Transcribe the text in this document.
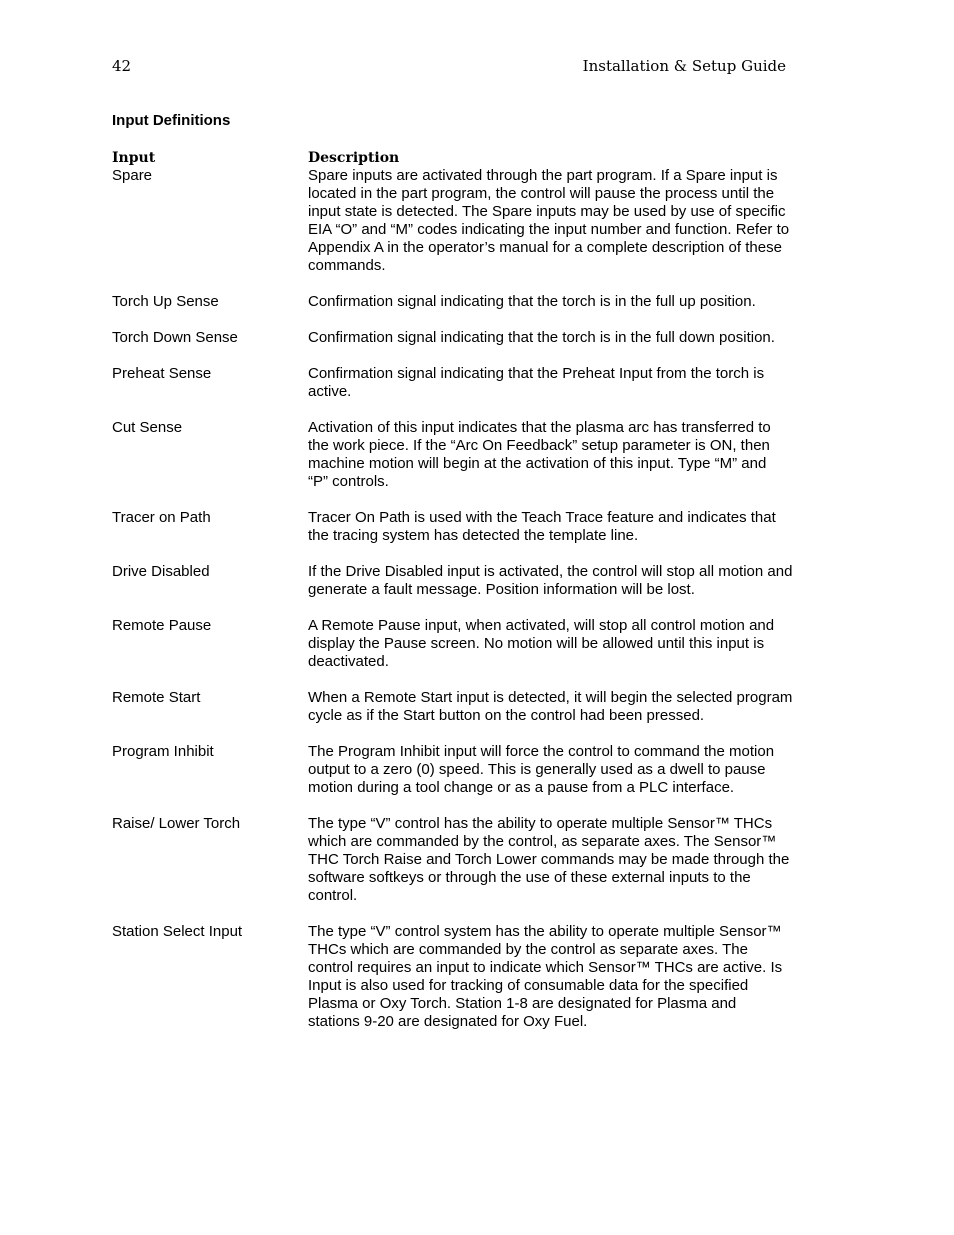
42	Installation & Setup Guide
Input Definitions
Input	Description
Spare	Spare inputs are activated through the part program. If a Spare input is
located in the part program, the control will pause the process until the
input state is detected. The Spare inputs may be used by use of specific
EIA “O” and “M” codes indicating the input number and function. Refer to
Appendix A in the operator’s manual for a complete description of these
commands.
Torch Up Sense	Confirmation signal indicating that the torch is in the full up position.
Torch Down Sense	Confirmation signal indicating that the torch is in the full down position.
Preheat Sense	Confirmation signal indicating that the Preheat Input from the torch is
active.
Cut Sense	Activation of this input indicates that the plasma arc has transferred to
the work piece. If the “Arc On Feedback” setup parameter is ON, then
machine motion will begin at the activation of this input. Type “M” and
“P” controls.
Tracer on Path	Tracer On Path is used with the Teach Trace feature and indicates that
the tracing system has detected the template line.
Drive Disabled	If the Drive Disabled input is activated, the control will stop all motion and
generate a fault message. Position information will be lost.
Remote Pause	A Remote Pause input, when activated, will stop all control motion and
display the Pause screen. No motion will be allowed until this input is
deactivated.
Remote Start	When a Remote Start input is detected, it will begin the selected program
cycle as if the Start button on the control had been pressed.
Program Inhibit	The Program Inhibit input will force the control to command the motion
output to a zero (0) speed. This is generally used as a dwell to pause
motion during a tool change or as a pause from a PLC interface.
Raise/ Lower Torch	The type “V” control has the ability to operate multiple Sensor™ THCs
which are commanded by the control, as separate axes. The Sensor™
THC Torch Raise and Torch Lower commands may be made through the
software softkeys or through the use of these external inputs to the
control.
Station Select Input	The type “V” control system has the ability to operate multiple Sensor™
THCs which are commanded by the control as separate axes. The
control requires an input to indicate which Sensor™ THCs are active. Is
Input is also used for tracking of consumable data for the specified
Plasma or Oxy Torch. Station 1-8 are designated for Plasma and
stations 9-20 are designated for Oxy Fuel.
